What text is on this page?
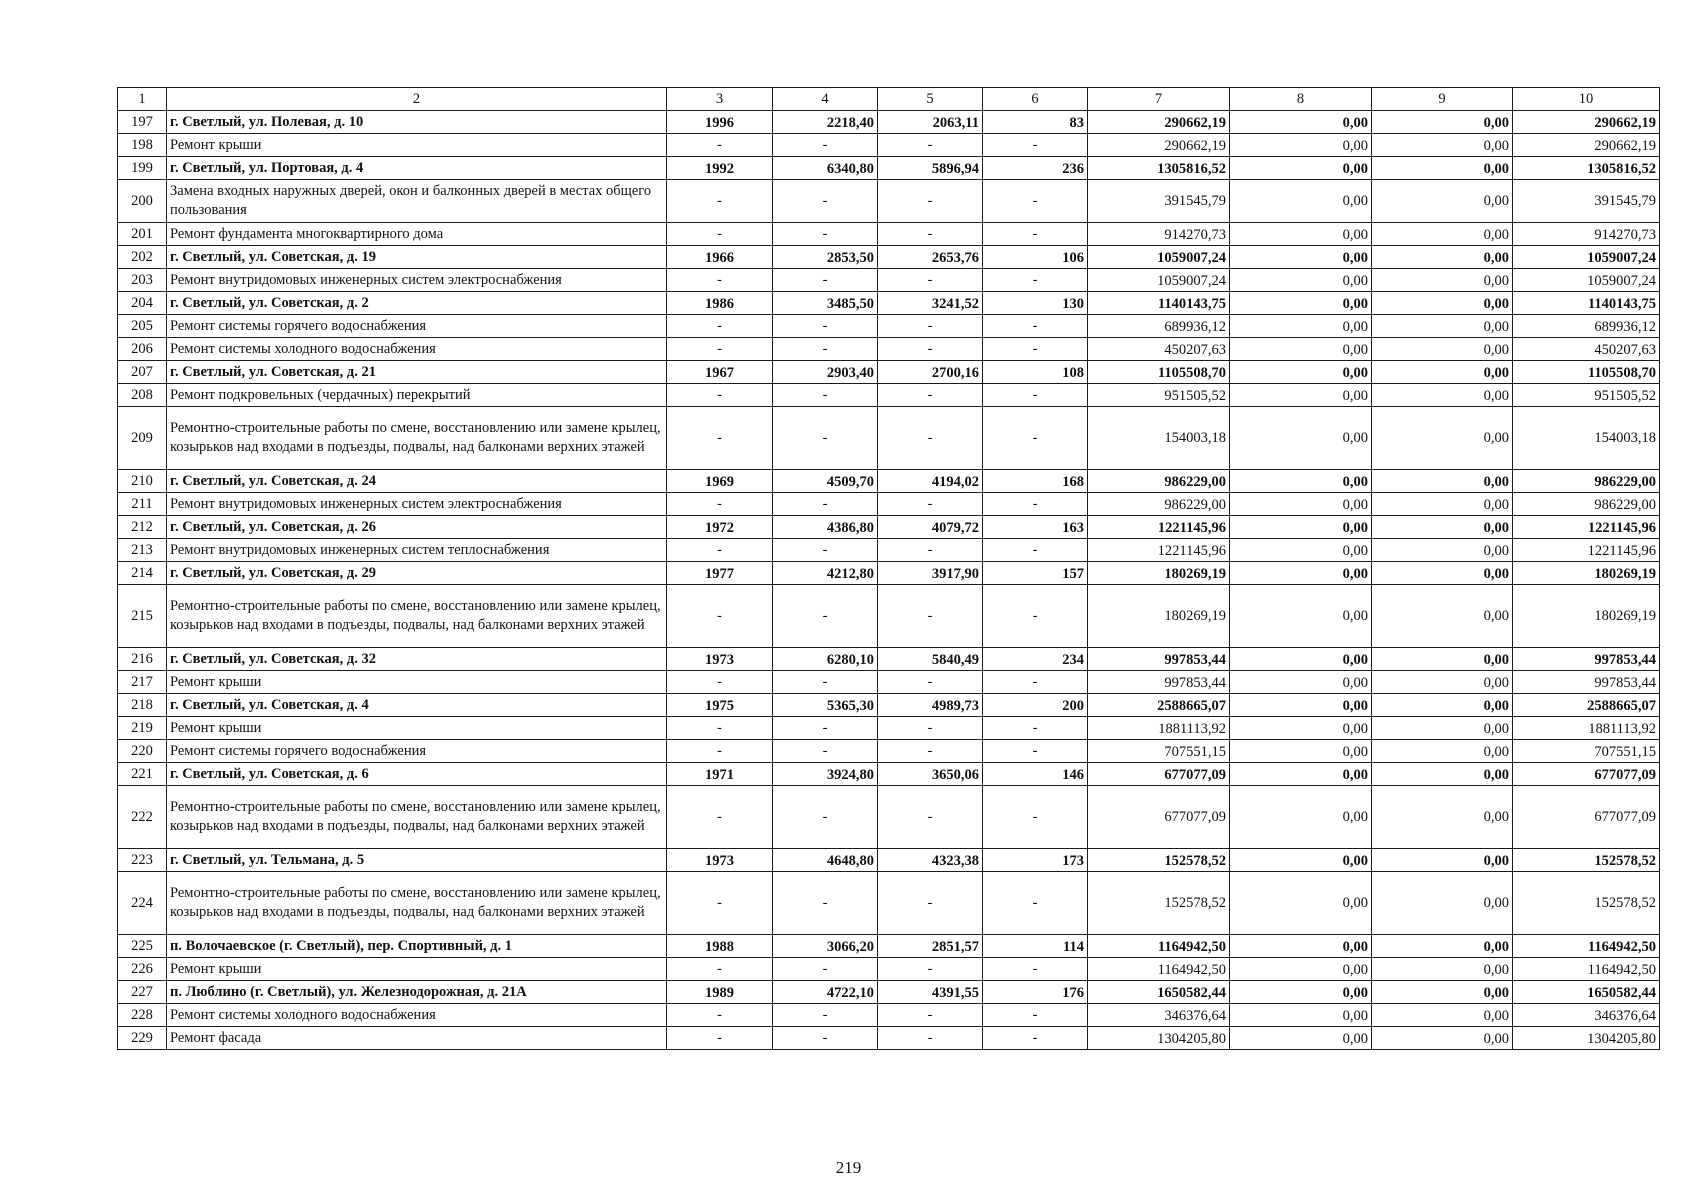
1	2	3	4	5	6	7	8	9	10
197	г. Светлый, ул. Полевая, д. 10	1996	2218,40	2063,11	83	290662,19	0,00	0,00	290662,19
198	Ремонт крыши	-	-	-	-	290662,19	0,00	0,00	290662,19
199	г. Светлый, ул. Портовая, д. 4	1992	6340,80	5896,94	236	1305816,52	0,00	0,00	1305816,52
200	Замена входных наружных дверей, окон и балконных дверей в местах общего пользования	-	-	-	-	391545,79	0,00	0,00	391545,79
201	Ремонт фундамента многоквартирного дома	-	-	-	-	914270,73	0,00	0,00	914270,73
202	г. Светлый, ул. Советская, д. 19	1966	2853,50	2653,76	106	1059007,24	0,00	0,00	1059007,24
203	Ремонт внутридомовых инженерных систем электроснабжения	-	-	-	-	1059007,24	0,00	0,00	1059007,24
204	г. Светлый, ул. Советская, д. 2	1986	3485,50	3241,52	130	1140143,75	0,00	0,00	1140143,75
205	Ремонт системы горячего водоснабжения	-	-	-	-	689936,12	0,00	0,00	689936,12
206	Ремонт системы холодного водоснабжения	-	-	-	-	450207,63	0,00	0,00	450207,63
207	г. Светлый, ул. Советская, д. 21	1967	2903,40	2700,16	108	1105508,70	0,00	0,00	1105508,70
208	Ремонт подкровельных (чердачных) перекрытий	-	-	-	-	951505,52	0,00	0,00	951505,52
209	Ремонтно-строительные работы по смене, восстановлению или замене крылец, козырьков над входами в подъезды, подвалы, над балконами верхних этажей	-	-	-	-	154003,18	0,00	0,00	154003,18
210	г. Светлый, ул. Советская, д. 24	1969	4509,70	4194,02	168	986229,00	0,00	0,00	986229,00
211	Ремонт внутридомовых инженерных систем электроснабжения	-	-	-	-	986229,00	0,00	0,00	986229,00
212	г. Светлый, ул. Советская, д. 26	1972	4386,80	4079,72	163	1221145,96	0,00	0,00	1221145,96
213	Ремонт внутридомовых инженерных систем теплоснабжения	-	-	-	-	1221145,96	0,00	0,00	1221145,96
214	г. Светлый, ул. Советская, д. 29	1977	4212,80	3917,90	157	180269,19	0,00	0,00	180269,19
215	Ремонтно-строительные работы по смене, восстановлению или замене крылец, козырьков над входами в подъезды, подвалы, над балконами верхних этажей	-	-	-	-	180269,19	0,00	0,00	180269,19
216	г. Светлый, ул. Советская, д. 32	1973	6280,10	5840,49	234	997853,44	0,00	0,00	997853,44
217	Ремонт крыши	-	-	-	-	997853,44	0,00	0,00	997853,44
218	г. Светлый, ул. Советская, д. 4	1975	5365,30	4989,73	200	2588665,07	0,00	0,00	2588665,07
219	Ремонт крыши	-	-	-	-	1881113,92	0,00	0,00	1881113,92
220	Ремонт системы горячего водоснабжения	-	-	-	-	707551,15	0,00	0,00	707551,15
221	г. Светлый, ул. Советская, д. 6	1971	3924,80	3650,06	146	677077,09	0,00	0,00	677077,09
222	Ремонтно-строительные работы по смене, восстановлению или замене крылец, козырьков над входами в подъезды, подвалы, над балконами верхних этажей	-	-	-	-	677077,09	0,00	0,00	677077,09
223	г. Светлый, ул. Тельмана, д. 5	1973	4648,80	4323,38	173	152578,52	0,00	0,00	152578,52
224	Ремонтно-строительные работы по смене, восстановлению или замене крылец, козырьков над входами в подъезды, подвалы, над балконами верхних этажей	-	-	-	-	152578,52	0,00	0,00	152578,52
225	п. Волочаевское (г. Светлый), пер. Спортивный, д. 1	1988	3066,20	2851,57	114	1164942,50	0,00	0,00	1164942,50
226	Ремонт крыши	-	-	-	-	1164942,50	0,00	0,00	1164942,50
227	п. Люблино (г. Светлый), ул. Железнодорожная, д. 21А	1989	4722,10	4391,55	176	1650582,44	0,00	0,00	1650582,44
228	Ремонт системы холодного водоснабжения	-	-	-	-	346376,64	0,00	0,00	346376,64
229	Ремонт фасада	-	-	-	-	1304205,80	0,00	0,00	1304205,80
219
